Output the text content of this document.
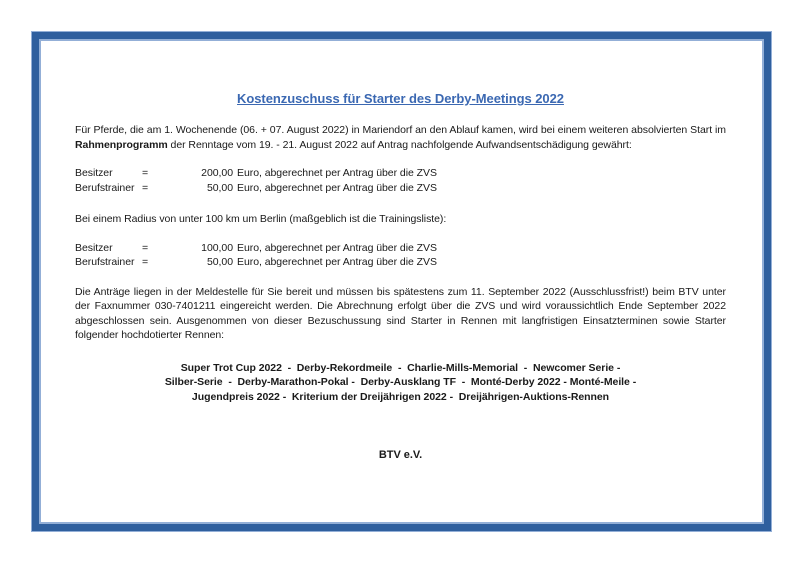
Kostenzuschuss für Starter des Derby-Meetings 2022

Für Pferde, die am 1. Wochenende (06. + 07. August 2022) in Mariendorf an den Ablauf kamen, wird bei einem weiteren absolvierten Start im Rahmenprogramm der Renntage vom 19. - 21. August 2022 auf Antrag nachfolgende Aufwandsentschädigung gewährt:

Besitzer	=	200,00 Euro, abgerechnet per Antrag über die ZVS
Berufstrainer =	50,00 Euro, abgerechnet per Antrag über die ZVS

Bei einem Radius von unter 100 km um Berlin (maßgeblich ist die Trainingsliste):

Besitzer	=	100,00 Euro, abgerechnet per Antrag über die ZVS
Berufstrainer =	50,00 Euro, abgerechnet per Antrag über die ZVS

Die Anträge liegen in der Meldestelle für Sie bereit und müssen bis spätestens zum 11. September 2022 (Ausschlussfrist!) beim BTV unter der Faxnummer 030-7401211 eingereicht werden. Die Abrechnung erfolgt über die ZVS und wird voraussichtlich Ende September 2022 abgeschlossen sein. Ausgenommen von dieser Bezuschussung sind Starter in Rennen mit langfristigen Einsatzterminen sowie Starter folgender hochdotierter Rennen:

Super Trot Cup 2022  -  Derby-Rekordmeile  -  Charlie-Mills-Memorial  -  Newcomer Serie -
Silber-Serie  -  Derby-Marathon-Pokal -  Derby-Ausklang TF  -  Monté-Derby 2022 - Monté-Meile -
Jugendpreis 2022 -  Kriterium der Dreijährigen 2022 -  Dreijährigen-Auktions-Rennen
BTV e.V.
